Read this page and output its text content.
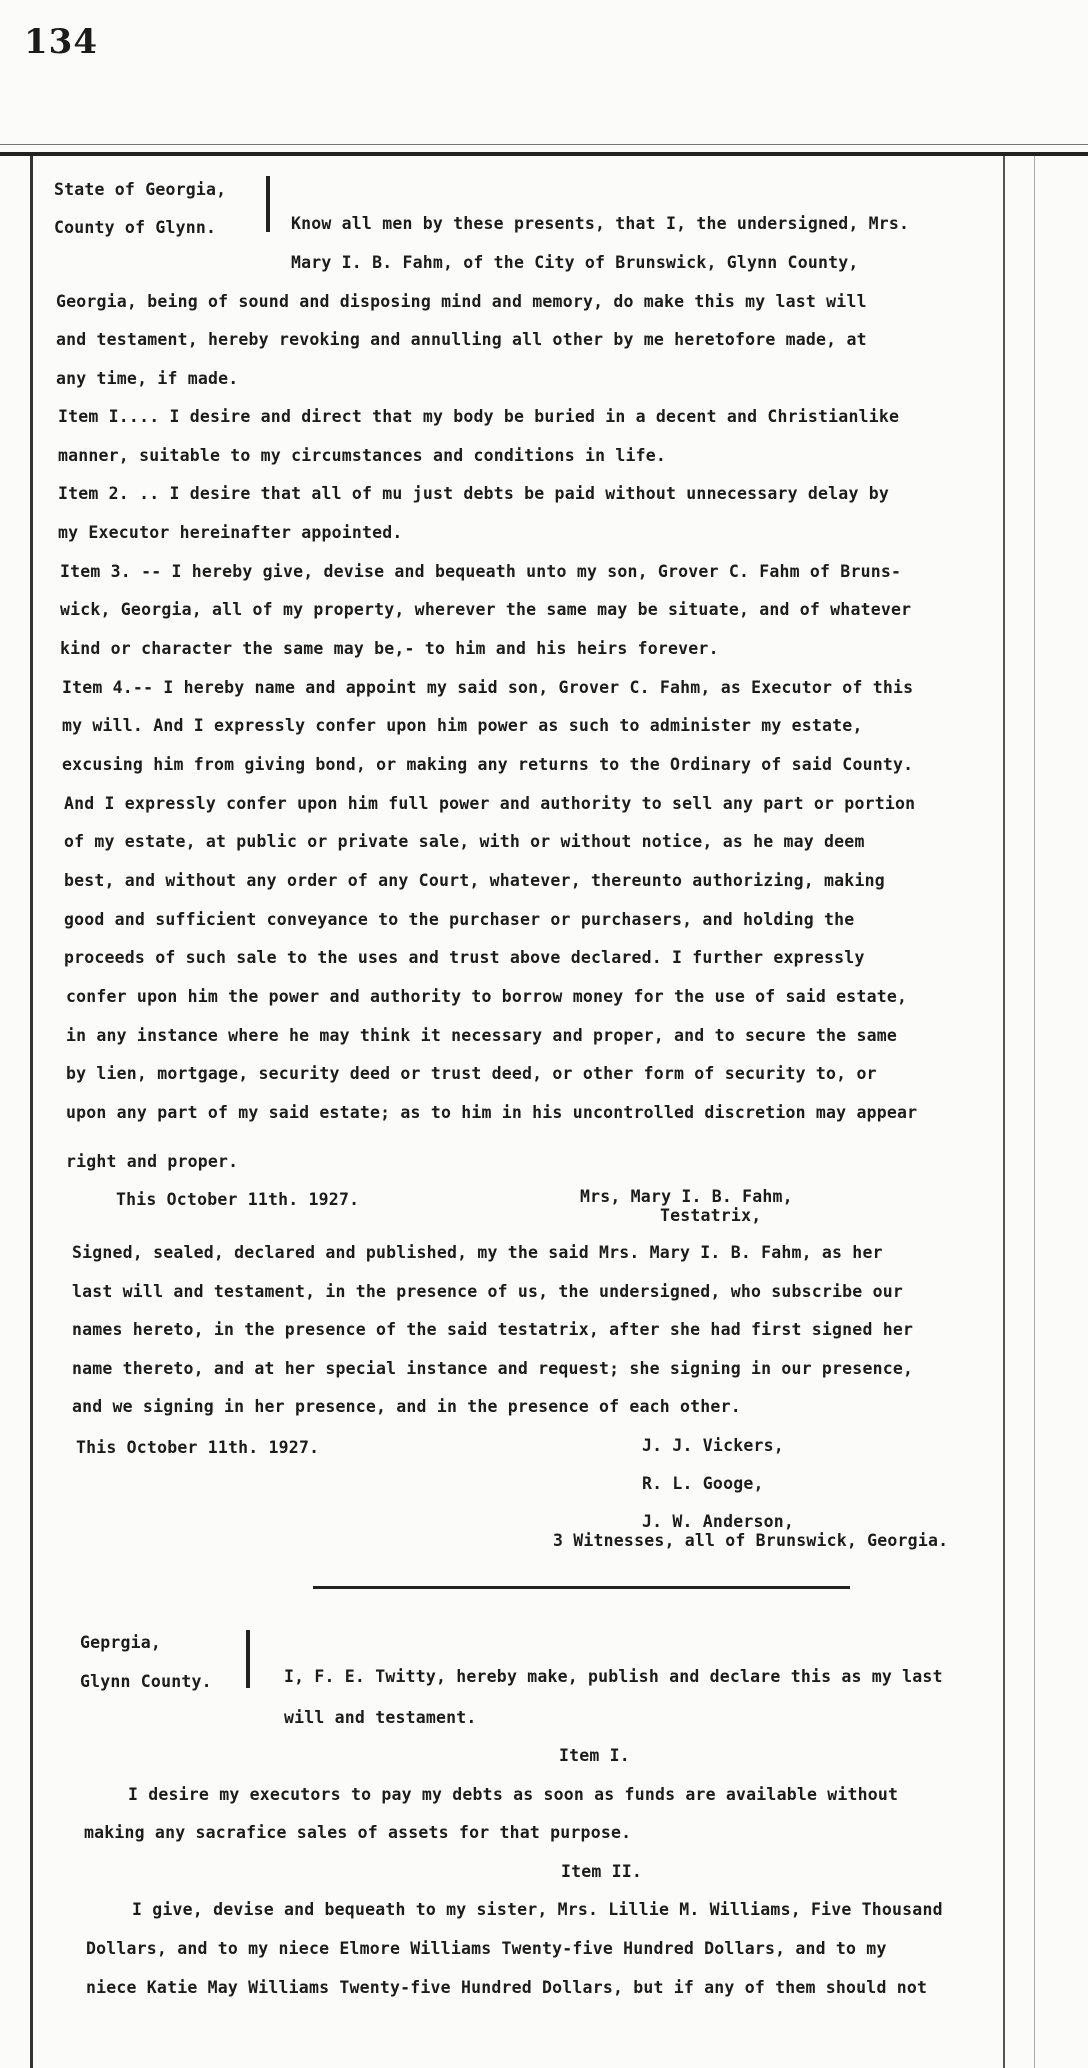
134
State of Georgia,
County of Glynn.	Know all men by these presents, that I, the undersigned, Mrs.
Mary I. B. Fahm, of the City of Brunswick, Glynn County,
Georgia, being of sound and disposing mind and memory, do make this my last will
and testament, hereby revoking and annulling all other by me heretofore made, at
any time, if made.
Item I.... I desire and direct that my body be buried in a decent and Christianlike
manner, suitable to my circumstances and conditions in life.
Item 2. .. I desire that all of mu just debts be paid without unnecessary delay by
my Executor hereinafter appointed.
Item 3. -- I hereby give, devise and bequeath unto my son, Grover C. Fahm of Bruns-
wick, Georgia, all of my property, wherever the same may be situate, and of whatever
kind or character the same may be,- to him and his heirs forever.
Item 4.-- I hereby name and appoint my said son, Grover C. Fahm, as Executor of this
my will. And I expressly confer upon him power as such to administer my estate,
excusing him from giving bond, or making any returns to the Ordinary of said County.
And I expressly confer upon him full power and authority to sell any part or portion
of my estate, at public or private sale, with or without notice, as he may deem
best, and without any order of any Court, whatever, thereunto authorizing, making
good and sufficient conveyance to the purchaser or purchasers, and holding the
proceeds of such sale to the uses and trust above declared. I further expressly
confer upon him the power and authority to borrow money for the use of said estate,
in any instance where he may think it necessary and proper, and to secure the same
by lien, mortgage, security deed or trust deed, or other form of security to, or
upon any part of my said estate; as to him in his uncontrolled discretion may appear
right and proper.
This October 11th. 1927.	Mrs, Mary I. B. Fahm,
Testatrix,
Signed, sealed, declared and published, my the said Mrs. Mary I. B. Fahm, as her
last will and testament, in the presence of us, the undersigned, who subscribe our
names hereto, in the presence of the said testatrix, after she had first signed her
name thereto, and at her special instance and request; she signing in our presence,
and we signing in her presence, and in the presence of each other.
This October 11th. 1927.	J. J. Vickers,
R. L. Googe,
J. W. Anderson,
3 Witnesses, all of Brunswick, Georgia.
Geprgia,
Glynn County.	I, F. E. Twitty, hereby make, publish and declare this as my last
will and testament.
Item I.
I desire my executors to pay my debts as soon as funds are available without
making any sacrafice sales of assets for that purpose.
Item II.
I give, devise and bequeath to my sister, Mrs. Lillie M. Williams, Five Thousand
Dollars, and to my niece Elmore Williams Twenty-five Hundred Dollars, and to my
niece Katie May Williams Twenty-five Hundred Dollars, but if any of them should not
